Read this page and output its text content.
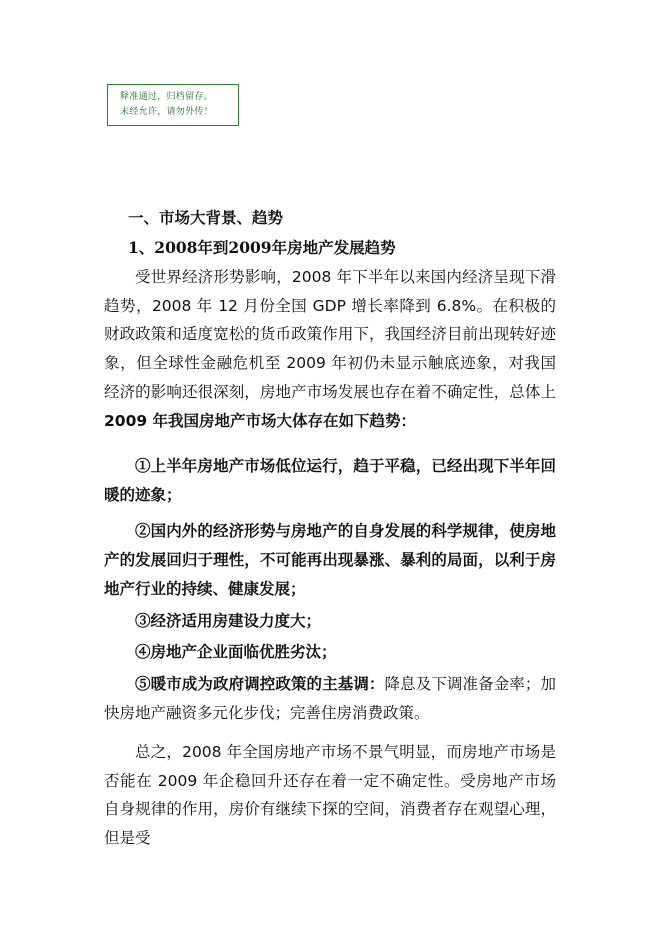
释准通过，归档留存。
未经允许，请勿外传！
一、市场大背景、趋势
1、2008年到2009年房地产发展趋势

受世界经济形势影响，2008 年下半年以来国内经济呈现下滑趋势，2008 年 12 月份全国 GDP 增长率降到 6.8%。在积极的财政政策和适度宽松的货币政策作用下，我国经济目前出现转好迹象，但全球性金融危机至 2009 年初仍未显示触底迹象，对我国经济的影响还很深刻，房地产市场发展也存在着不确定性，总体上2009 年我国房地产市场大体存在如下趋势：

①上半年房地产市场低位运行，趋于平稳，已经出现下半年回暖的迹象；

②国内外的经济形势与房地产的自身发展的科学规律，使房地产的发展回归于理性，不可能再出现暴涨、暴利的局面，以利于房地产行业的持续、健康发展；

③经济适用房建设力度大；

④房地产企业面临优胜劣汰；

⑤暖市成为政府调控政策的主基调：降息及下调准备金率；加快房地产融资多元化步伐；完善住房消费政策。

总之，2008 年全国房地产市场不景气明显，而房地产市场是否能在 2009 年企稳回升还存在着一定不确定性。受房地产市场自身规律的作用，房价有继续下探的空间，消费者存在观望心理，但是受
